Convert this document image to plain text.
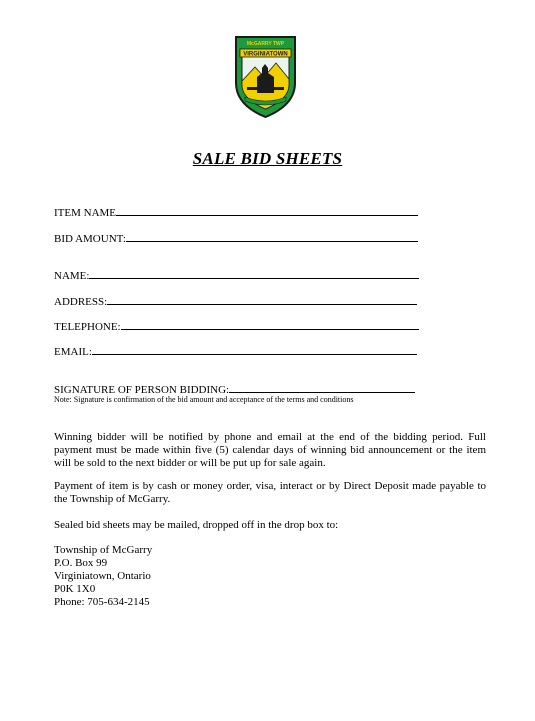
VIRGINIATOWN
McGARRY TWP
SALE BID SHEETS
ITEM NAME
BID AMOUNT:
NAME:
ADDRESS:
TELEPHONE:
EMAIL:
SIGNATURE OF PERSON BIDDING:
Note: Signature is confirmation of the bid amount and acceptance of the terms and conditions
Winning bidder will be notified by phone and email at the end of the bidding period. Full payment must be made within five (5) calendar days of winning bid announcement or the item will be sold to the next bidder or will be put up for sale again.
Payment of item is by cash or money order, visa, interact or by Direct Deposit made payable to the Township of McGarry.
Sealed bid sheets may be mailed, dropped off in the drop box to:
Township of McGarry
P.O. Box 99
Virginiatown, Ontario
P0K 1X0
Phone: 705-634-2145
